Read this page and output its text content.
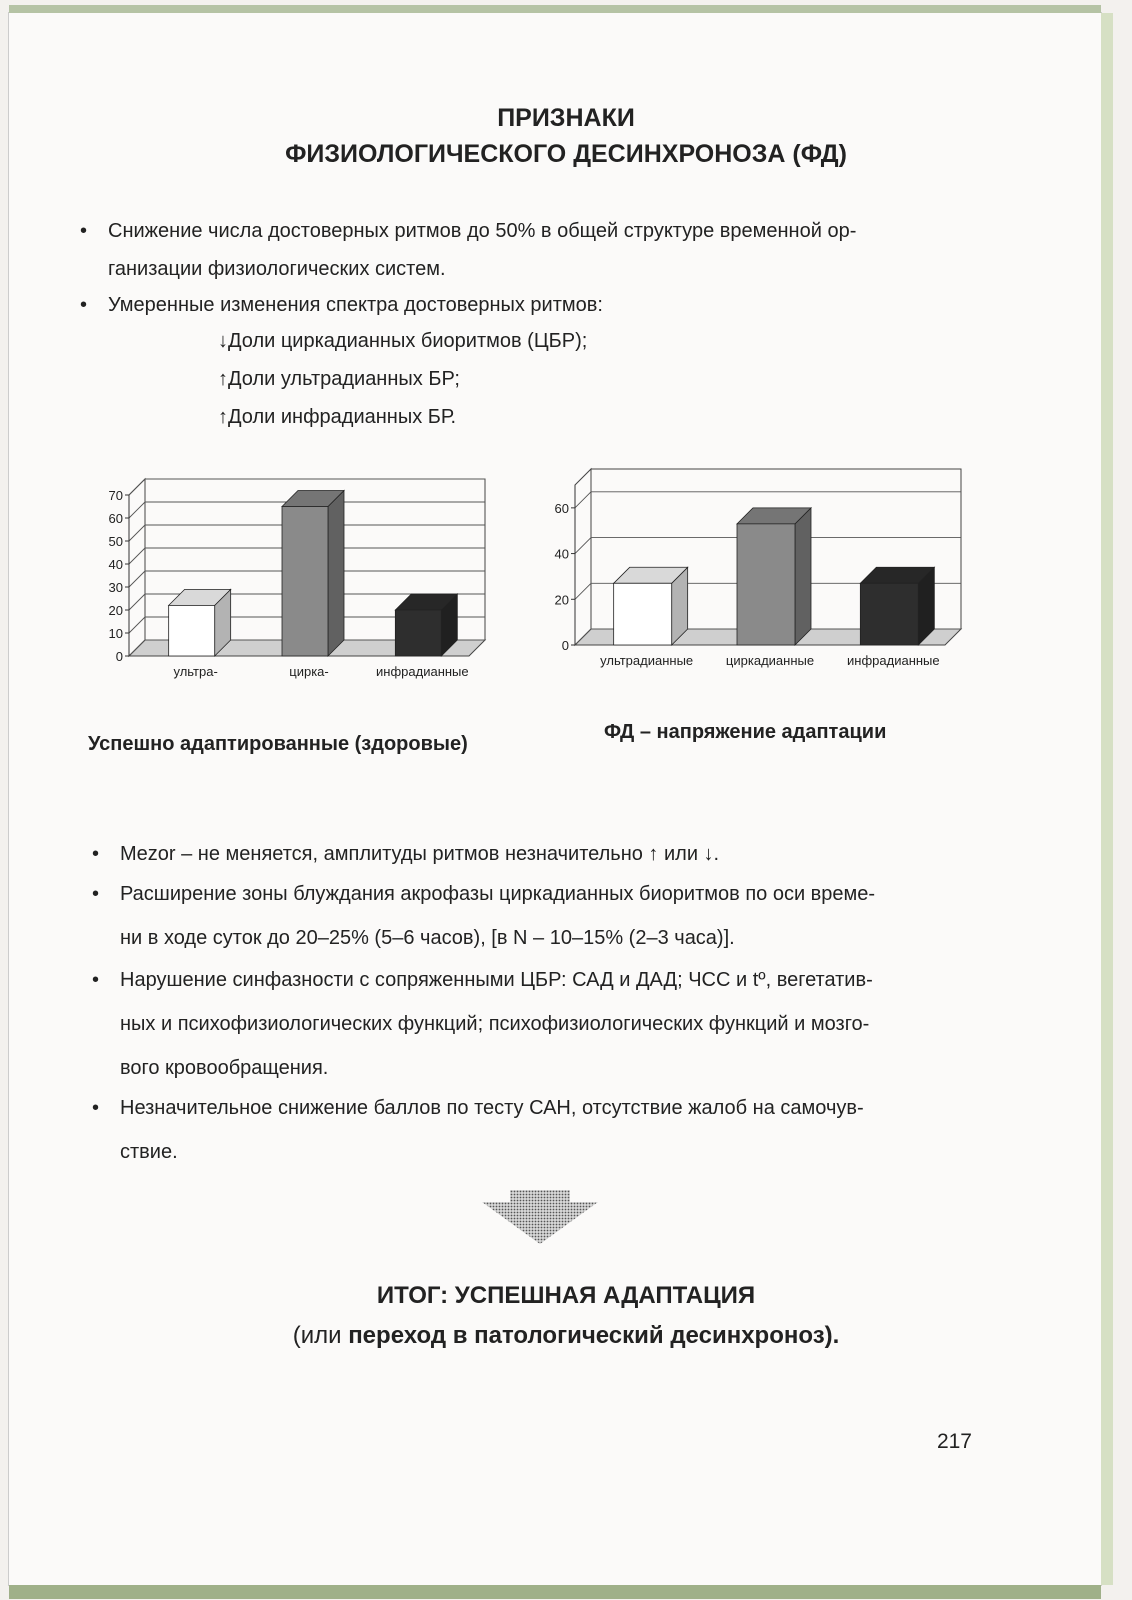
ПРИЗНАКИ
ФИЗИОЛОГИЧЕСКОГО ДЕСИНХРОНОЗА (ФД)
• Снижение числа достоверных ритмов до 50% в общей структуре временной ор-
ганизации физиологических систем.
• Умеренные изменения спектра достоверных ритмов:
↓Доли циркадианных биоритмов (ЦБР);
↑Доли ультрадианных БР;
↑Доли инфрадианных БР.
0
10
20
30
40
50
60
70
ультра-	цирка-	инфрадианные
0
20
40
60
ультрадианные	циркадианные	инфрадианные
Успешно адаптированные (здоровые)
ФД – напряжение адаптации
• Mezor – не меняется, амплитуды ритмов незначительно ↑ или ↓.
• Расширение зоны блуждания акрофазы циркадианных биоритмов по оси време-
ни в ходе суток до 20–25% (5–6 часов), [в N – 10–15% (2–3 часа)].
• Нарушение синфазности с сопряженными ЦБР: САД и ДАД; ЧСС и tº, вегетатив-
ных и психофизиологических функций; психофизиологических функций и мозго-
вого кровообращения.
• Незначительное снижение баллов по тесту САН, отсутствие жалоб на самочув-
ствие.
ИТОГ: УСПЕШНАЯ АДАПТАЦИЯ
(или переход в патологический десинхроноз).
217
